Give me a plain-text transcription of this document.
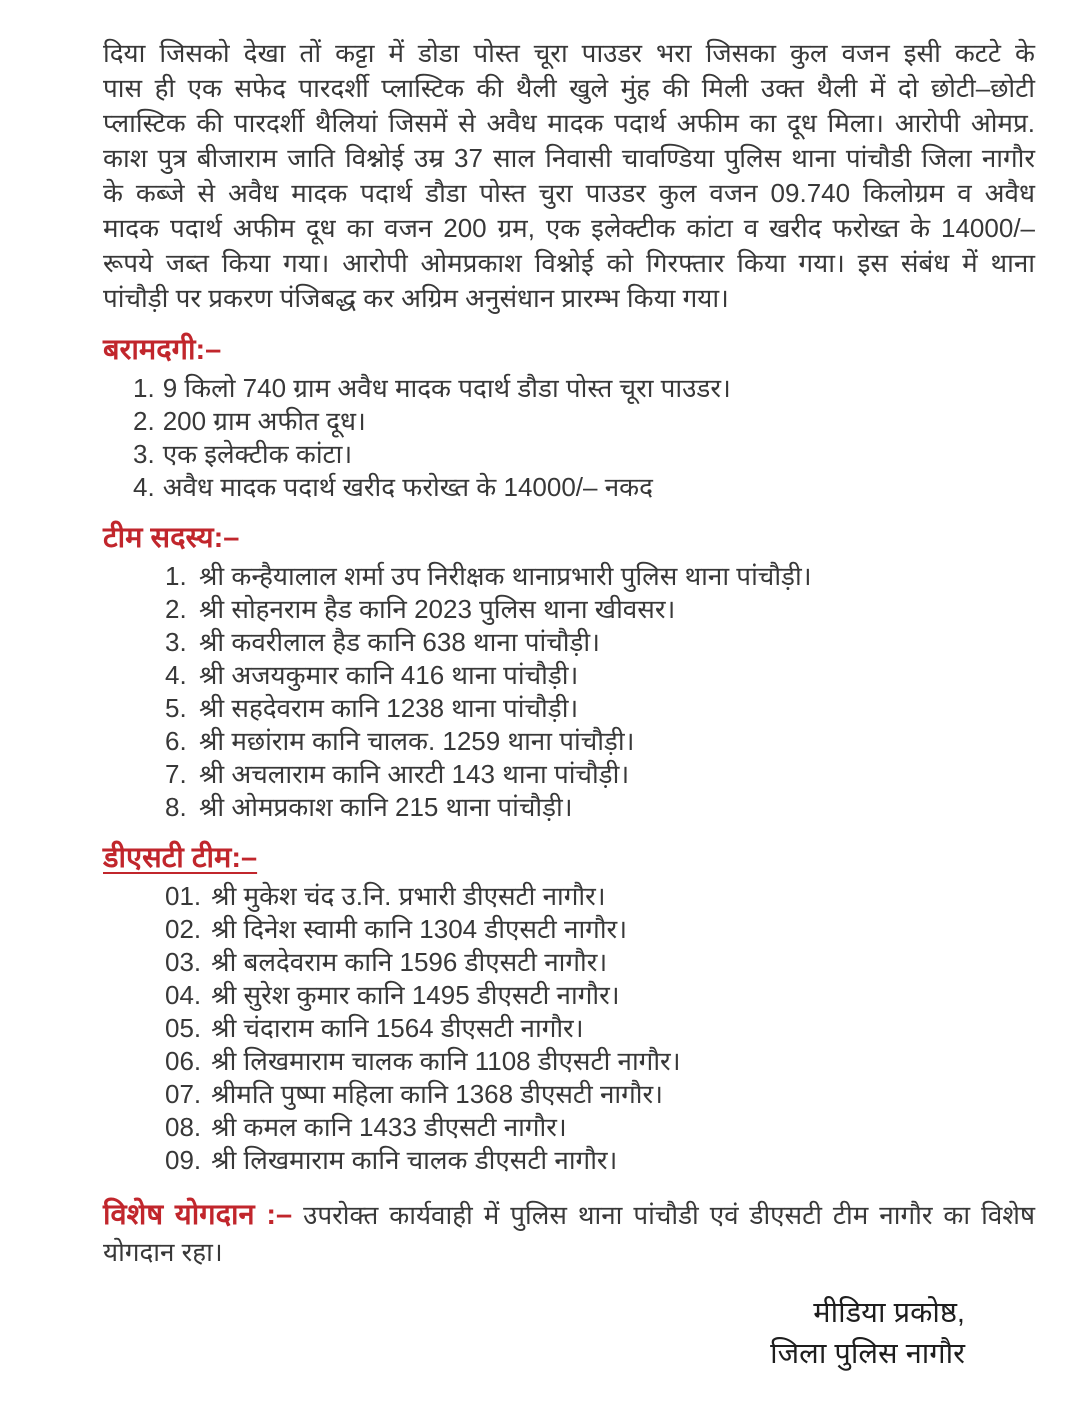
दिया जिसको देखा तों कट्टा में डोडा पोस्त चूरा पाउडर भरा जिसका कुल वजन इसी कटटे के
पास ही एक सफेद पारदर्शी प्लास्टिक की थैली खुले मुंह की मिली उक्त थैली में दो छोटी–छोटी
प्लास्टिक की पारदर्शी थैलियां जिसमें से अवैध मादक पदार्थ अफीम का दूध मिला। आरोपी ओमप्र.
काश पुत्र बीजाराम जाति विश्नोई उम्र 37 साल निवासी चावण्डिया पुलिस थाना पांचौडी जिला नागौर
के कब्जे से अवैध मादक पदार्थ डौडा पोस्त चुरा पाउडर कुल वजन 09.740 किलोग्रम व अवैध
मादक पदार्थ अफीम दूध का वजन 200 ग्रम, एक इलेक्टीक कांटा व खरीद फरोख्त के 14000/–
रूपये जब्त किया गया। आरोपी ओमप्रकाश विश्नोई को गिरफ्तार किया गया। इस संबंध में थाना
पांचौड़ी पर प्रकरण पंजिबद्ध कर अग्रिम अनुसंधान प्रारम्भ किया गया।
बरामदगी:–
1. 9 किलो 740 ग्राम अवैध मादक पदार्थ डौडा पोस्त चूरा पाउडर।
2. 200 ग्राम अफीत दूध।
3. एक इलेक्टीक कांटा।
4. अवैध मादक पदार्थ खरीद फरोख्त के 14000/– नकद
टीम सदस्य:–
1. श्री कन्हैयालाल शर्मा उप निरीक्षक थानाप्रभारी पुलिस थाना पांचौड़ी।
2. श्री सोहनराम हैड कानि 2023 पुलिस थाना खीवसर।
3. श्री कवरीलाल हैड कानि 638 थाना पांचौड़ी।
4. श्री अजयकुमार कानि 416 थाना पांचौड़ी।
5. श्री सहदेवराम कानि 1238 थाना पांचौड़ी।
6. श्री मछांराम कानि चालक. 1259 थाना पांचौड़ी।
7. श्री अचलाराम कानि आरटी 143 थाना पांचौड़ी।
8. श्री ओमप्रकाश कानि 215 थाना पांचौड़ी।
डीएसटी टीम:–
01. श्री मुकेश चंद उ.नि. प्रभारी डीएसटी नागौर।
02. श्री दिनेश स्वामी कानि 1304 डीएसटी नागौर।
03. श्री बलदेवराम कानि 1596 डीएसटी नागौर।
04. श्री सुरेश कुमार कानि 1495 डीएसटी नागौर।
05. श्री चंदाराम कानि 1564 डीएसटी नागौर।
06. श्री लिखमाराम चालक कानि 1108 डीएसटी नागौर।
07. श्रीमति पुष्पा महिला कानि 1368 डीएसटी नागौर।
08. श्री कमल कानि 1433 डीएसटी नागौर।
09. श्री लिखमाराम कानि चालक डीएसटी नागौर।
विशेष योगदान :– उपरोक्त कार्यवाही में पुलिस थाना पांचौडी एवं डीएसटी टीम नागौर का विशेष
योगदान रहा।
मीडिया प्रकोष्ठ,
जिला पुलिस नागौर
